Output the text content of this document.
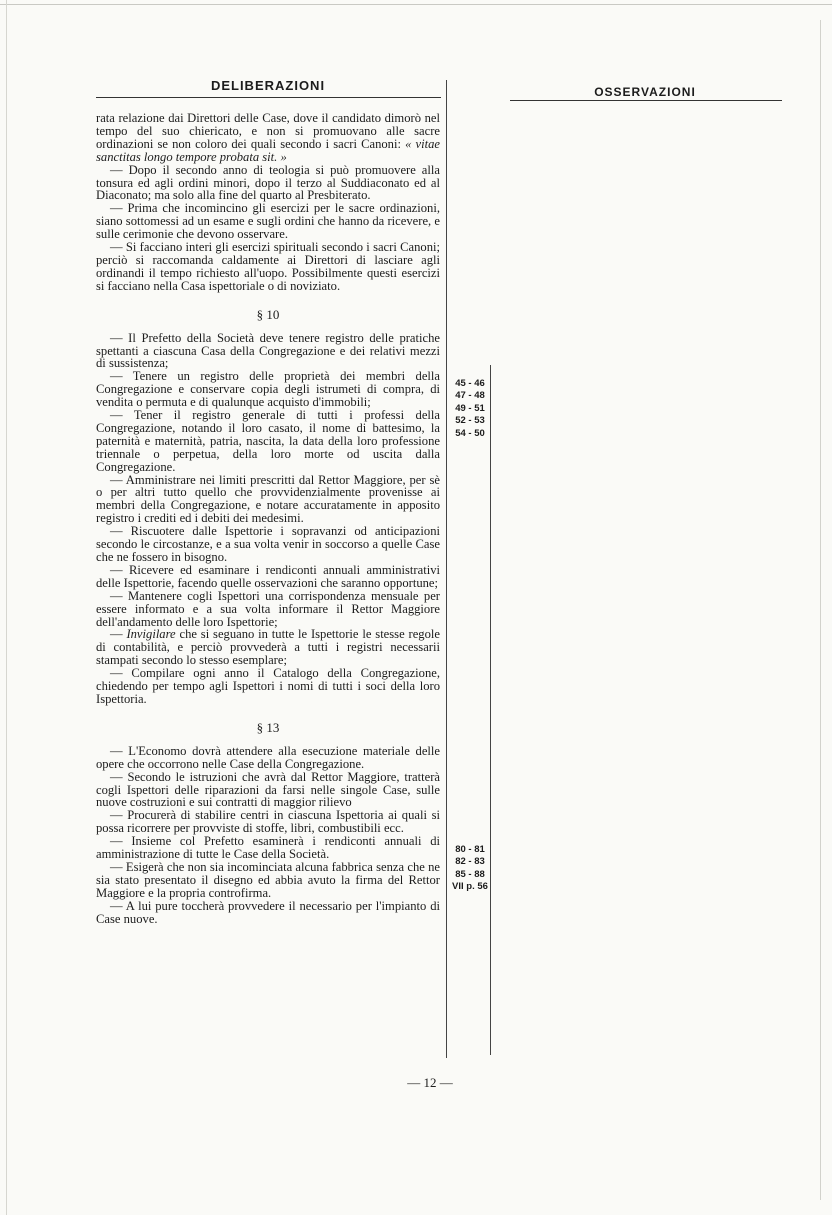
DELIBERAZIONI	OSSERVAZIONI

rata relazione dai Direttori delle Case, dove il candidato dimorò nel tempo del suo chiericato, e non si promuovano alle sacre ordinazioni se non coloro dei quali secondo i sacri Canoni: « vitae sanctitas longo tempore probata sit. »

— Dopo il secondo anno di teologia si può promuovere alla tonsura ed agli ordini minori, dopo il terzo al Suddiaconato ed al Diaconato; ma solo alla fine del quarto al Presbiterato.

— Prima che incomincino gli esercizi per le sacre ordinazioni, siano sottomessi ad un esame e sugli ordini che hanno da ricevere, e sulle cerimonie che devono osservare.

— Si facciano interi gli esercizi spirituali secondo i sacri Canoni; perciò si raccomanda caldamente ai Direttori di lasciare agli ordinandi il tempo richiesto all'uopo. Possibilmente questi esercizi si facciano nella Casa ispettoriale o di noviziato.

§ 10

— Il Prefetto della Società deve tenere registro delle pratiche spettanti a ciascuna Casa della Congregazione e dei relativi mezzi di sussistenza;

— Tenere un registro delle proprietà dei membri della Congregazione e conservare copia degli istrumeti di compra, di vendita o permuta e di qualunque acquisto d'immobili;

— Tener il registro generale di tutti i professi della Congregazione, notando il loro casato, il nome di battesimo, la paternità e maternità, patria, nascita, la data della loro professione triennale o perpetua, della loro morte od uscita dalla Congregazione.

— Amministrare nei limiti prescritti dal Rettor Maggiore, per sè o per altri tutto quello che provvidenzialmente provenisse ai membri della Congregazione, e notare accuratamente in apposito registro i crediti ed i debiti dei medesimi.

— Riscuotere dalle Ispettorie i sopravanzi od anticipazioni secondo le circostanze, e a sua volta venir in soccorso a quelle Case che ne fossero in bisogno.

— Ricevere ed esaminare i rendiconti annuali amministrativi delle Ispettorie, facendo quelle osservazioni che saranno opportune;

— Mantenere cogli Ispettori una corrispondenza mensuale per essere informato e a sua volta informare il Rettor Maggiore dell'andamento delle loro Ispettorie;

— Invigilare che si seguano in tutte le Ispettorie le stesse regole di contabilità, e perciò provvederà a tutti i registri necessarii stampati secondo lo stesso esemplare;

— Compilare ogni anno il Catalogo della Congregazione, chiedendo per tempo agli Ispettori i nomi di tutti i soci della loro Ispettoria.

§ 13

— L'Economo dovrà attendere alla esecuzione materiale delle opere che occorrono nelle Case della Congregazione.

— Secondo le istruzioni che avrà dal Rettor Maggiore, tratterà cogli Ispettori delle riparazioni da farsi nelle singole Case, sulle nuove costruzioni e sui contratti di maggior rilievo

— Procurerà di stabilire centri in ciascuna Ispettoria ai quali si possa ricorrere per provviste di stoffe, libri, combustibili ecc.

— Insieme col Prefetto esaminerà i rendiconti annuali di amministrazione di tutte le Case della Società.

— Esigerà che non sia incominciata alcuna fabbrica senza che ne sia stato presentato il disegno ed abbia avuto la firma del Rettor Maggiore e la propria controfirma.

— A lui pure toccherà provvedere il necessario per l'impianto di Case nuove.

45 - 46
47 - 48
49 - 51
52 - 53
54 - 50
80 - 81
82 - 83
85 - 88
VII p. 56
— 12 —
